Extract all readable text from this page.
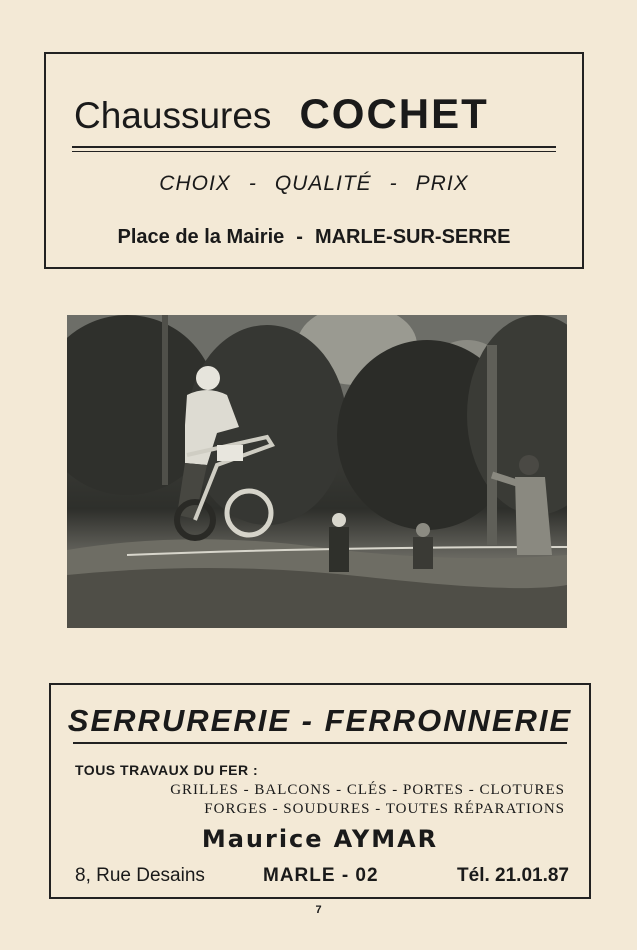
Chaussures COCHET
CHOIX - QUALITÉ - PRIX
Place de la Mairie - MARLE-SUR-SERRE
SERRURERIE - FERRONNERIE
TOUS TRAVAUX DU FER :
GRILLES - BALCONS - CLÉS - PORTES - CLOTURES
FORGES - SOUDURES - TOUTES RÉPARATIONS
Maurice AYMAR
8, Rue Desains	MARLE - 02	Tél. 21.01.87
7
